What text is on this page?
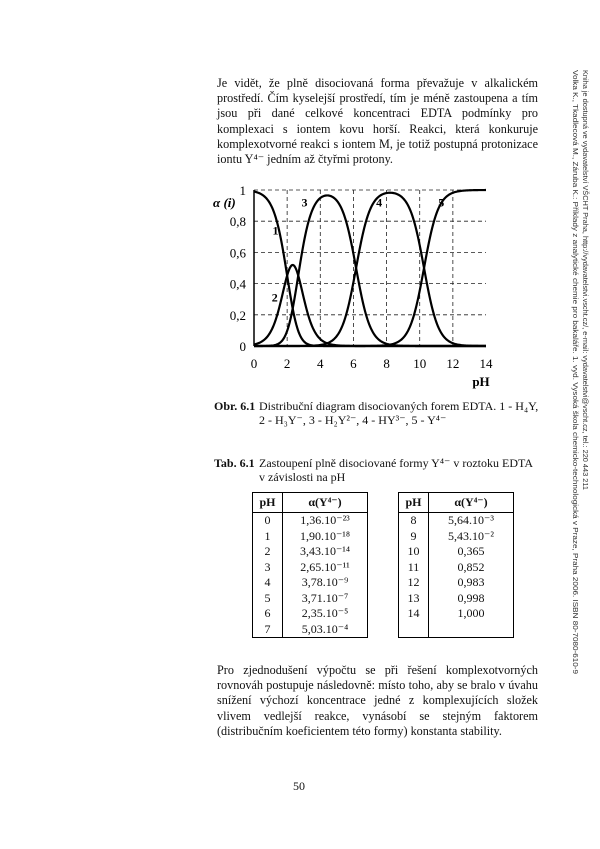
Volka K., Tkadlecová M., Záruba K.: Příklady z analytické chemie pro bakaláře. 1. vyd. Vysoká škola chemicko-technologická v Praze, Praha 2006. ISBN 80-7080-610-9 Kniha je dostupná ve vydavatelství VŠCHT Praha, http://vydavatelstvi.vscht.cz/, e-mail: vydavatelstvi@vscht.cz, tel.: 220 443 211

Je vidět, že plně disociovaná forma převažuje v alkalickém prostředí. Čím kyselejší prostředí, tím je méně zastoupena a tím jsou při dané celkové koncentraci EDTA podmínky pro komplexaci s iontem kovu horší. Reakci, která konkuruje komplexotvorné reakci s iontem M, je totiž postupná protonizace iontu Y⁴⁻ jedním až čtyřmi protony.

0 2 4 6 8 10 12 14
0
0,2
0,4
0,6
0,8
1
1
2
3	4	5
α (i)
pH
Obr. 6.1 Distribuční diagram disociovaných forem EDTA. 1 - H₄Y, 2 - H₃Y⁻, 3 - H₂Y²⁻, 4 - HY³⁻, 5 - Y⁴⁻
Tab. 6.1 Zastoupení plně disociované formy Y⁴⁻ v roztoku EDTA v závislosti na pH
pH	α(Y⁴⁻)
0	1,36.10⁻²³
1	1,90.10⁻¹⁸
2	3,43.10⁻¹⁴
3	2,65.10⁻¹¹
4	3,78.10⁻⁹
5	3,71.10⁻⁷
6	2,35.10⁻⁵
7	5,03.10⁻⁴
pH	α(Y⁴⁻)
8	5,64.10⁻³
9	5,43.10⁻²
10	0,365
11	0,852
12	0,983
13	0,998
14	1,000

Pro zjednodušení výpočtu se při řešení komplexotvorných rovnováh postupuje následovně: místo toho, aby se bralo v úvahu snížení výchozí koncentrace jedné z komplexujících složek vlivem vedlejší reakce, vynásobí se stejným faktorem (distribučním koeficientem této formy) konstanta stability.

50
